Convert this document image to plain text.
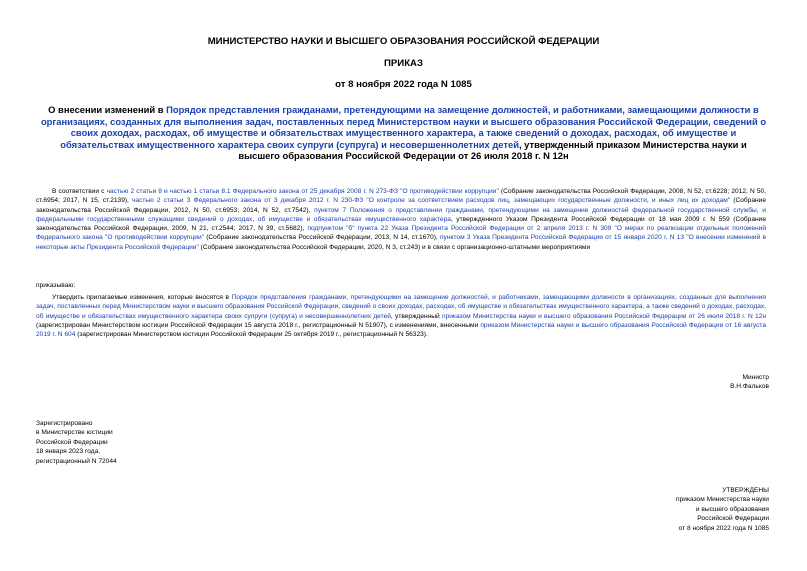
МИНИСТЕРСТВО НАУКИ И ВЫСШЕГО ОБРАЗОВАНИЯ РОССИЙСКОЙ ФЕДЕРАЦИИ
ПРИКАЗ
от 8 ноября 2022 года N 1085
О внесении изменений в Порядок представления гражданами, претендующими на замещение должностей, и работниками, замещающими должности в организациях, созданных для выполнения задач, поставленных перед Министерством науки и высшего образования Российской Федерации, сведений о своих доходах, расходах, об имуществе и обязательствах имущественного характера, а также сведений о доходах, расходах, об имуществе и обязательствах имущественного характера своих супруги (супруга) и несовершеннолетних детей, утвержденный приказом Министерства науки и высшего образования Российской Федерации от 26 июля 2018 г. N 12н
В соответствии с частью 2 статьи 8 и частью 1 статьи 8.1 Федерального закона от 25 декабря 2008 г. N 273-ФЗ "О противодействии коррупции" (Собрание законодательства Российской Федерации, 2008, N 52, ст.6228; 2012, N 50, ст.6954; 2017, N 15, ст.2139), частью 2 статьи 3 Федерального закона от 3 декабря 2012 г. N 230-ФЗ "О контроле за соответствием расходов лиц, замещающих государственные должности, и иных лиц их доходам" (Собрание законодательства Российской Федерации, 2012, N 50, ст.6953; 2014, N 52, ст.7542), пунктом 7 Положения о представлении гражданами, претендующими на замещение должностей федеральной государственной службы, и федеральными государственными служащими сведений о доходах, об имуществе и обязательствах имущественного характера, утвержденного Указом Президента Российской Федерации от 18 мая 2009 г. N 559 (Собрание законодательства Российской Федерации, 2009, N 21, ст.2544; 2017, N 39, ст.5682), подпунктом "б" пункта 22 Указа Президента Российской Федерации от 2 апреля 2013 г. N 309 "О мерах по реализации отдельных положений Федерального закона "О противодействии коррупции" (Собрание законодательства Российской Федерации, 2013, N 14, ст.1670), пунктом 3 Указа Президента Российской Федерации от 15 января 2020 г. N 13 "О внесении изменений в некоторые акты Президента Российской Федерации" (Собрание законодательства Российской Федерации, 2020, N 3, ст.243) и в связи с организационно-штатными мероприятиями
приказываю:
Утвердить прилагаемые изменения, которые вносятся в Порядок представления гражданами, претендующими на замещение должностей, и работниками, замещающими должности в организациях, созданных для выполнения задач, поставленных перед Министерством науки и высшего образования Российской Федерации, сведений о своих доходах, расходах, об имуществе и обязательствах имущественного характера, а также сведений о доходах, расходах, об имуществе и обязательствах имущественного характера своих супруги (супруга) и несовершеннолетних детей, утвержденный приказом Министерства науки и высшего образования Российской Федерации от 26 июля 2018 г. N 12н (зарегистрирован Министерством юстиции Российской Федерации 15 августа 2018 г., регистрационный N 51907), с изменениями, внесенными приказом Министерства науки и высшего образования Российской Федерации от 16 августа 2019 г. N 604 (зарегистрирован Министерством юстиции Российской Федерации 25 октября 2019 г., регистрационный N 56323).
Министр
В.Н.Фальков
Зарегистрировано
в Министерстве юстиции
Российской Федерации
18 января 2023 года,
регистрационный N 72044
УТВЕРЖДЕНЫ
приказом Министерства науки
и высшего образования
Российской Федерации
от 8 ноября 2022 года N 1085
